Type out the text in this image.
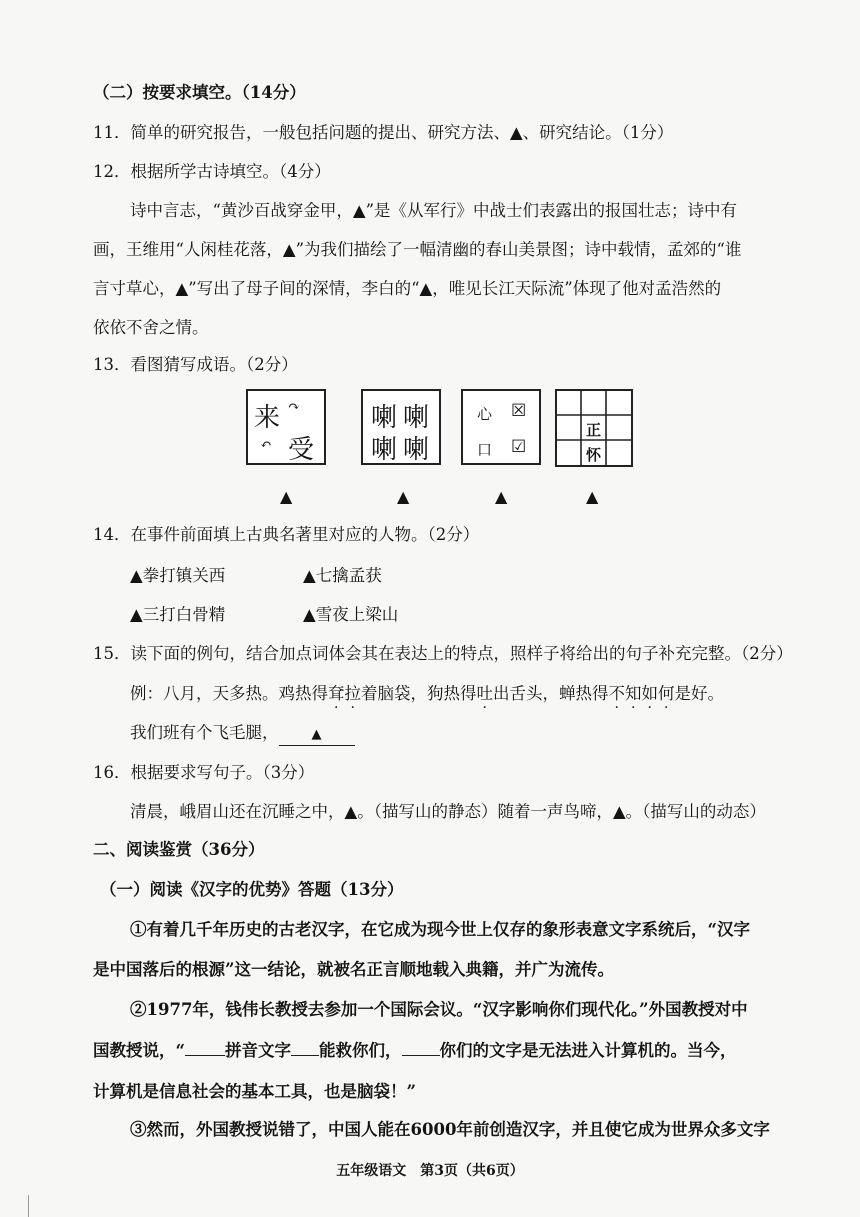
（二）按要求填空。（14分）
11．简单的研究报告，一般包括问题的提出、研究方法、▲、研究结论。（1分）
12．根据所学古诗填空。（4分）
诗中言志，“黄沙百战穿金甲，▲”是《从军行》中战士们表露出的报国壮志；诗中有
画，王维用“人闲桂花落，▲”为我们描绘了一幅清幽的春山美景图；诗中载情，孟郊的“谁
言寸草心，▲”写出了母子间的深情，李白的“▲，唯见长江天际流”体现了他对孟浩然的
依依不舍之情。
13．看图猜写成语。（2分）
来 ↷
↶ 受
喇 喇
喇 喇
心 ☒
口 ☑
正
怀
▲	▲	▲	▲
14．在事件前面填上古典名著里对应的人物。（2分）
▲拳打镇关西	▲七擒孟获
▲三打白骨精	▲雪夜上梁山
15．读下面的例句，结合加点词体会其在表达上的特点，照样子将给出的句子补充完整。（2分）
例：八月，天多热。鸡热得耷拉着脑袋，狗热得吐出舌头，蝉热得不知如何是好。
我们班有个飞毛腿，	▲
16．根据要求写句子。（3分）
清晨，峨眉山还在沉睡之中，▲。（描写山的静态）随着一声鸟啼，▲。（描写山的动态）
二、阅读鉴赏（36分）
（一）阅读《汉字的优势》答题（13分）
①有着几千年历史的古老汉字，在它成为现今世上仅存的象形表意文字系统后，“汉字
是中国落后的根源”这一结论，就被名正言顺地载入典籍，并广为流传。
②1977年，钱伟长教授去参加一个国际会议。“汉字影响你们现代化。”外国教授对中
国教授说，“ 拼音文字 能救你们， 你们的文字是无法进入计算机的。当今，
计算机是信息社会的基本工具，也是脑袋！”
③然而，外国教授说错了，中国人能在6000年前创造汉字，并且使它成为世界众多文字
五年级语文　第3页（共6页）
